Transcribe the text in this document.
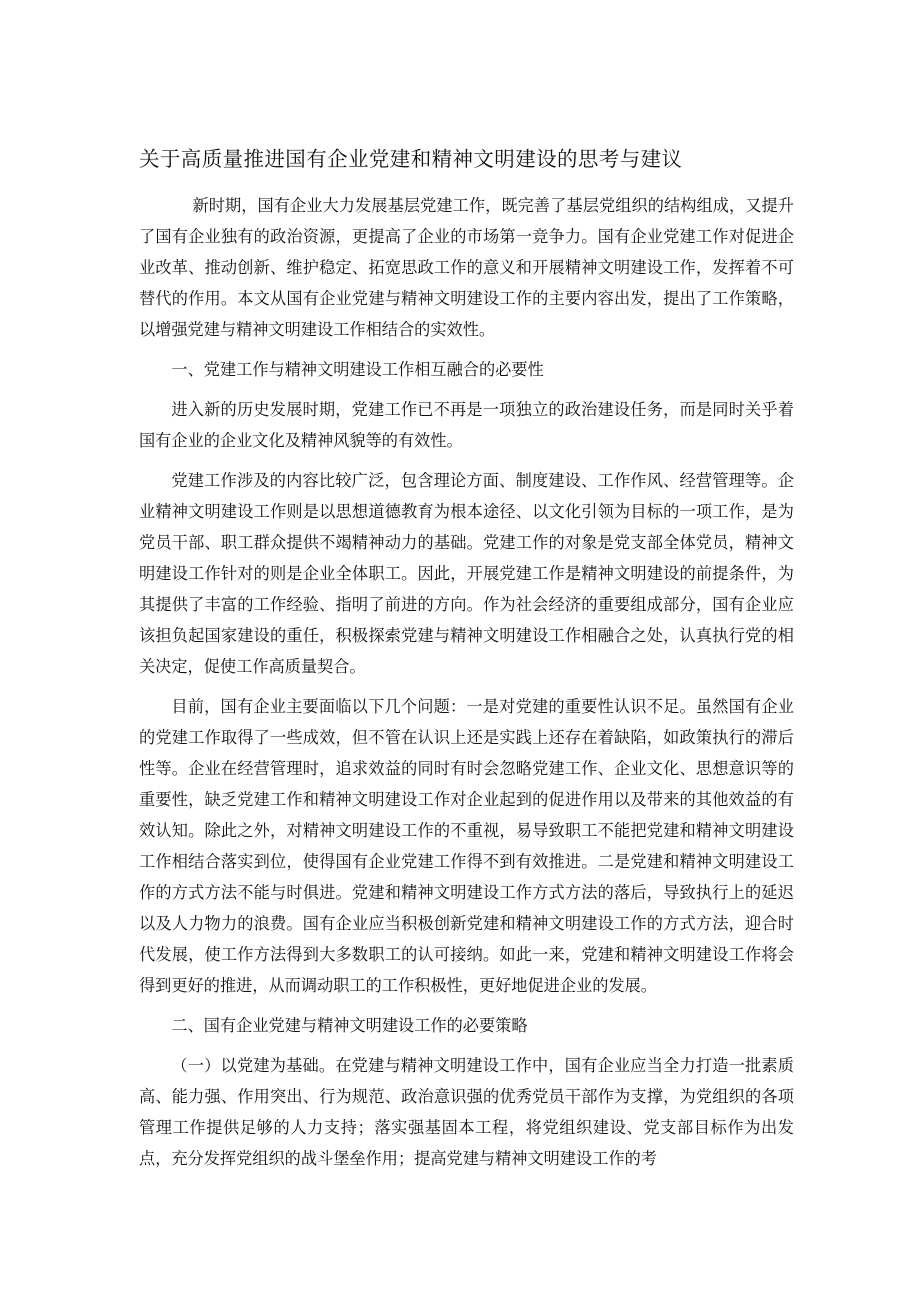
关于高质量推进国有企业党建和精神文明建设的思考与建议

新时期，国有企业大力发展基层党建工作，既完善了基层党组织的结构组成，又提升了国有企业独有的政治资源，更提高了企业的市场第一竞争力。国有企业党建工作对促进企业改革、推动创新、维护稳定、拓宽思政工作的意义和开展精神文明建设工作，发挥着不可替代的作用。本文从国有企业党建与精神文明建设工作的主要内容出发，提出了工作策略，以增强党建与精神文明建设工作相结合的实效性。

一、党建工作与精神文明建设工作相互融合的必要性

进入新的历史发展时期，党建工作已不再是一项独立的政治建设任务，而是同时关乎着国有企业的企业文化及精神风貌等的有效性。

党建工作涉及的内容比较广泛，包含理论方面、制度建设、工作作风、经营管理等。企业精神文明建设工作则是以思想道德教育为根本途径、以文化引领为目标的一项工作，是为党员干部、职工群众提供不竭精神动力的基础。党建工作的对象是党支部全体党员，精神文明建设工作针对的则是企业全体职工。因此，开展党建工作是精神文明建设的前提条件，为其提供了丰富的工作经验、指明了前进的方向。作为社会经济的重要组成部分，国有企业应该担负起国家建设的重任，积极探索党建与精神文明建设工作相融合之处，认真执行党的相关决定，促使工作高质量契合。

目前，国有企业主要面临以下几个问题：一是对党建的重要性认识不足。虽然国有企业的党建工作取得了一些成效，但不管在认识上还是实践上还存在着缺陷，如政策执行的滞后性等。企业在经营管理时，追求效益的同时有时会忽略党建工作、企业文化、思想意识等的重要性，缺乏党建工作和精神文明建设工作对企业起到的促进作用以及带来的其他效益的有效认知。除此之外，对精神文明建设工作的不重视，易导致职工不能把党建和精神文明建设工作相结合落实到位，使得国有企业党建工作得不到有效推进。二是党建和精神文明建设工作的方式方法不能与时俱进。党建和精神文明建设工作方式方法的落后，导致执行上的延迟以及人力物力的浪费。国有企业应当积极创新党建和精神文明建设工作的方式方法，迎合时代发展，使工作方法得到大多数职工的认可接纳。如此一来，党建和精神文明建设工作将会得到更好的推进，从而调动职工的工作积极性，更好地促进企业的发展。

二、国有企业党建与精神文明建设工作的必要策略

（一）以党建为基础。在党建与精神文明建设工作中，国有企业应当全力打造一批素质高、能力强、作用突出、行为规范、政治意识强的优秀党员干部作为支撑，为党组织的各项管理工作提供足够的人力支持；落实强基固本工程，将党组织建设、党支部目标作为出发点，充分发挥党组织的战斗堡垒作用；提高党建与精神文明建设工作的考
